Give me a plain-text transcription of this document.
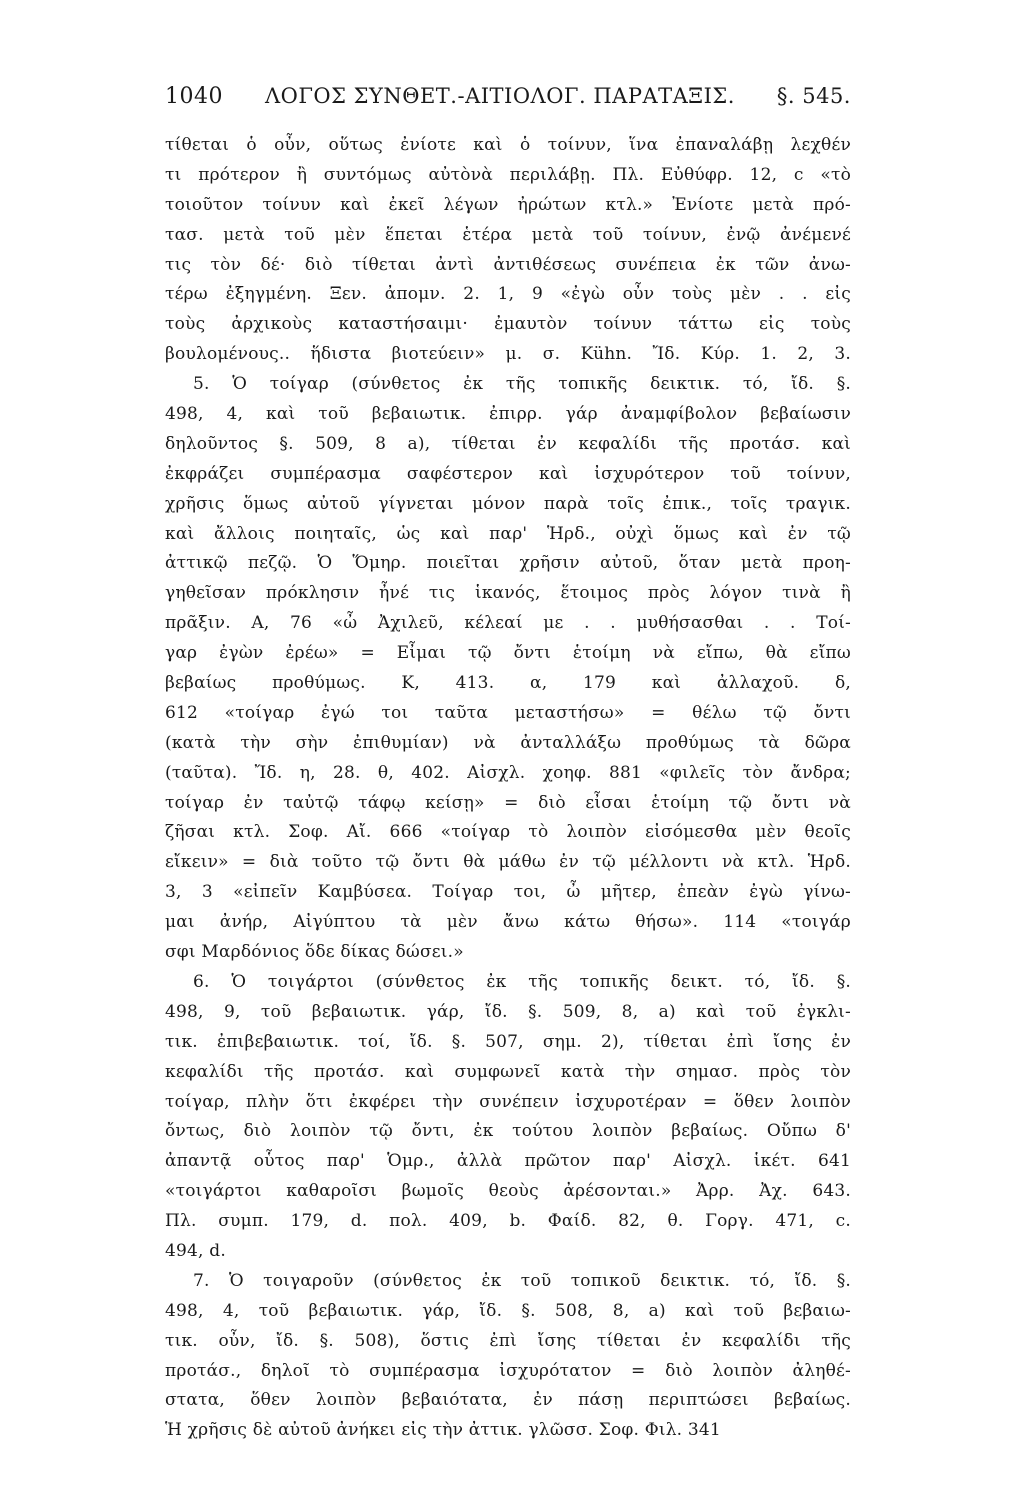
1040 ΛΟΓΟΣ ΣΥΝΘΕΤ.-ΑΙΤΙΟΛΟΓ. ΠΑΡΑΤΑΞΙΣ. §. 545.
τίθεται ὁ οὖν, οὕτως ἐνίοτε καὶ ὁ τοίνυν, ἵνα ἐπαναλάβῃ λεχθέν
τι πρότερον ἢ συντόμως αὐτὸνὰ περιλάβῃ. Πλ. Εὐθύφρ. 12, c «τὸ
τοιοῦτον τοίνυν καὶ ἐκεῖ λέγων ἠρώτων κτλ.» Ἐνίοτε μετὰ πρό-
τασ. μετὰ τοῦ μὲν ἕπεται ἑτέρα μετὰ τοῦ τοίνυν, ἐνῷ ἀνέμενέ
τις τὸν δέ· διὸ τίθεται ἀντὶ ἀντιθέσεως συνέπεια ἐκ τῶν ἀνω-
τέρω ἐξηγμένη. Ξεν. ἀπομν. 2. 1, 9 «ἐγὼ οὖν τοὺς μὲν . . εἰς
τοὺς ἀρχικοὺς καταστήσαιμι· ἐμαυτὸν τοίνυν τάττω εἰς τοὺς
βουλομένους.. ἥδιστα βιοτεύειν» μ. σ. Kühn. Ἴδ. Κύρ. 1. 2, 3.
5. Ὁ τοίγαρ (σύνθετος ἐκ τῆς τοπικῆς δεικτικ. τό, ἴδ. §.
498, 4, καὶ τοῦ βεβαιωτικ. ἐπιρρ. γάρ ἀναμφίβολον βεβαίωσιν
δηλοῦντος §. 509, 8 a), τίθεται ἐν κεφαλίδι τῆς προτάσ. καὶ
ἐκφράζει συμπέρασμα σαφέστερον καὶ ἰσχυρότερον τοῦ τοίνυν,
χρῆσις ὅμως αὐτοῦ γίγνεται μόνον παρὰ τοῖς ἐπικ., τοῖς τραγικ.
καὶ ἄλλοις ποιηταῖς, ὡς καὶ παρ' Ἡρδ., οὐχὶ ὅμως καὶ ἐν τῷ
ἀττικῷ πεζῷ. Ὁ Ὅμηρ. ποιεῖται χρῆσιν αὐτοῦ, ὅταν μετὰ προη-
γηθεῖσαν πρόκλησιν ἦνέ τις ἱκανός, ἕτοιμος πρὸς λόγον τινὰ ἢ
πρᾶξιν. Α, 76 «ὦ Ἀχιλεῦ, κέλεαί με . . μυθήσασθαι . . Τοί-
γαρ ἐγὼν ἐρέω» = Εἶμαι τῷ ὄντι ἑτοίμη νὰ εἴπω, θὰ εἴπω
βεβαίως προθύμως. Κ, 413. α, 179 καὶ ἀλλαχοῦ. δ,
612 «τοίγαρ ἐγώ τοι ταῦτα μεταστήσω» = θέλω τῷ ὄντι
(κατὰ τὴν σὴν ἐπιθυμίαν) νὰ ἀνταλλάξω προθύμως τὰ δῶρα
(ταῦτα). Ἴδ. η, 28. θ, 402. Αἰσχλ. χοηφ. 881 «φιλεῖς τὸν ἄνδρα;
τοίγαρ ἐν ταὐτῷ τάφῳ κείσῃ» = διὸ εἶσαι ἑτοίμη τῷ ὄντι νὰ
ζῆσαι κτλ. Σοφ. Αἴ. 666 «τοίγαρ τὸ λοιπὸν εἰσόμεσθα μὲν θεοῖς
εἴκειν» = διὰ τοῦτο τῷ ὄντι θὰ μάθω ἐν τῷ μέλλοντι νὰ κτλ. Ἡρδ.
3, 3 «εἰπεῖν Καμβύσεα. Τοίγαρ τοι, ὦ μῆτερ, ἐπεὰν ἐγὼ γίνω-
μαι ἀνήρ, Αἰγύπτου τὰ μὲν ἄνω κάτω θήσω». 114 «τοιγάρ
σφι Μαρδόνιος ὅδε δίκας δώσει.»
6. Ὁ τοιγάρτοι (σύνθετος ἐκ τῆς τοπικῆς δεικτ. τό, ἴδ. §.
498, 9, τοῦ βεβαιωτικ. γάρ, ἴδ. §. 509, 8, a) καὶ τοῦ ἐγκλι-
τικ. ἐπιβεβαιωτικ. τοί, ἴδ. §. 507, σημ. 2), τίθεται ἐπὶ ἴσης ἐν
κεφαλίδι τῆς προτάσ. καὶ συμφωνεῖ κατὰ τὴν σημασ. πρὸς τὸν
τοίγαρ, πλὴν ὅτι ἐκφέρει τὴν συνέπειν ἰσχυροτέραν = ὅθεν λοιπὸν
ὄντως, διὸ λοιπὸν τῷ ὄντι, ἐκ τούτου λοιπὸν βεβαίως. Οὔπω δ'
ἀπαντᾷ οὗτος παρ' Ὁμρ., ἀλλὰ πρῶτον παρ' Αἰσχλ. ἱκέτ. 641
«τοιγάρτοι καθαροῖσι βωμοῖς θεοὺς ἀρέσονται.» Ἀρρ. Ἀχ. 643.
Πλ. συμπ. 179, d. πολ. 409, b. Φαίδ. 82, θ. Γοργ. 471, c.
494, d.
7. Ὁ τοιγαροῦν (σύνθετος ἐκ τοῦ τοπικοῦ δεικτικ. τό, ἴδ. §.
498, 4, τοῦ βεβαιωτικ. γάρ, ἴδ. §. 508, 8, a) καὶ τοῦ βεβαιω-
τικ. οὖν, ἴδ. §. 508), ὅστις ἐπὶ ἴσης τίθεται ἐν κεφαλίδι τῆς
προτάσ., δηλοῖ τὸ συμπέρασμα ἰσχυρότατον = διὸ λοιπὸν ἀληθέ-
στατα, ὅθεν λοιπὸν βεβαιότατα, ἐν πάσῃ περιπτώσει βεβαίως.
Ἡ χρῆσις δὲ αὐτοῦ ἀνήκει εἰς τὴν ἀττικ. γλῶσσ. Σοφ. Φιλ. 341
